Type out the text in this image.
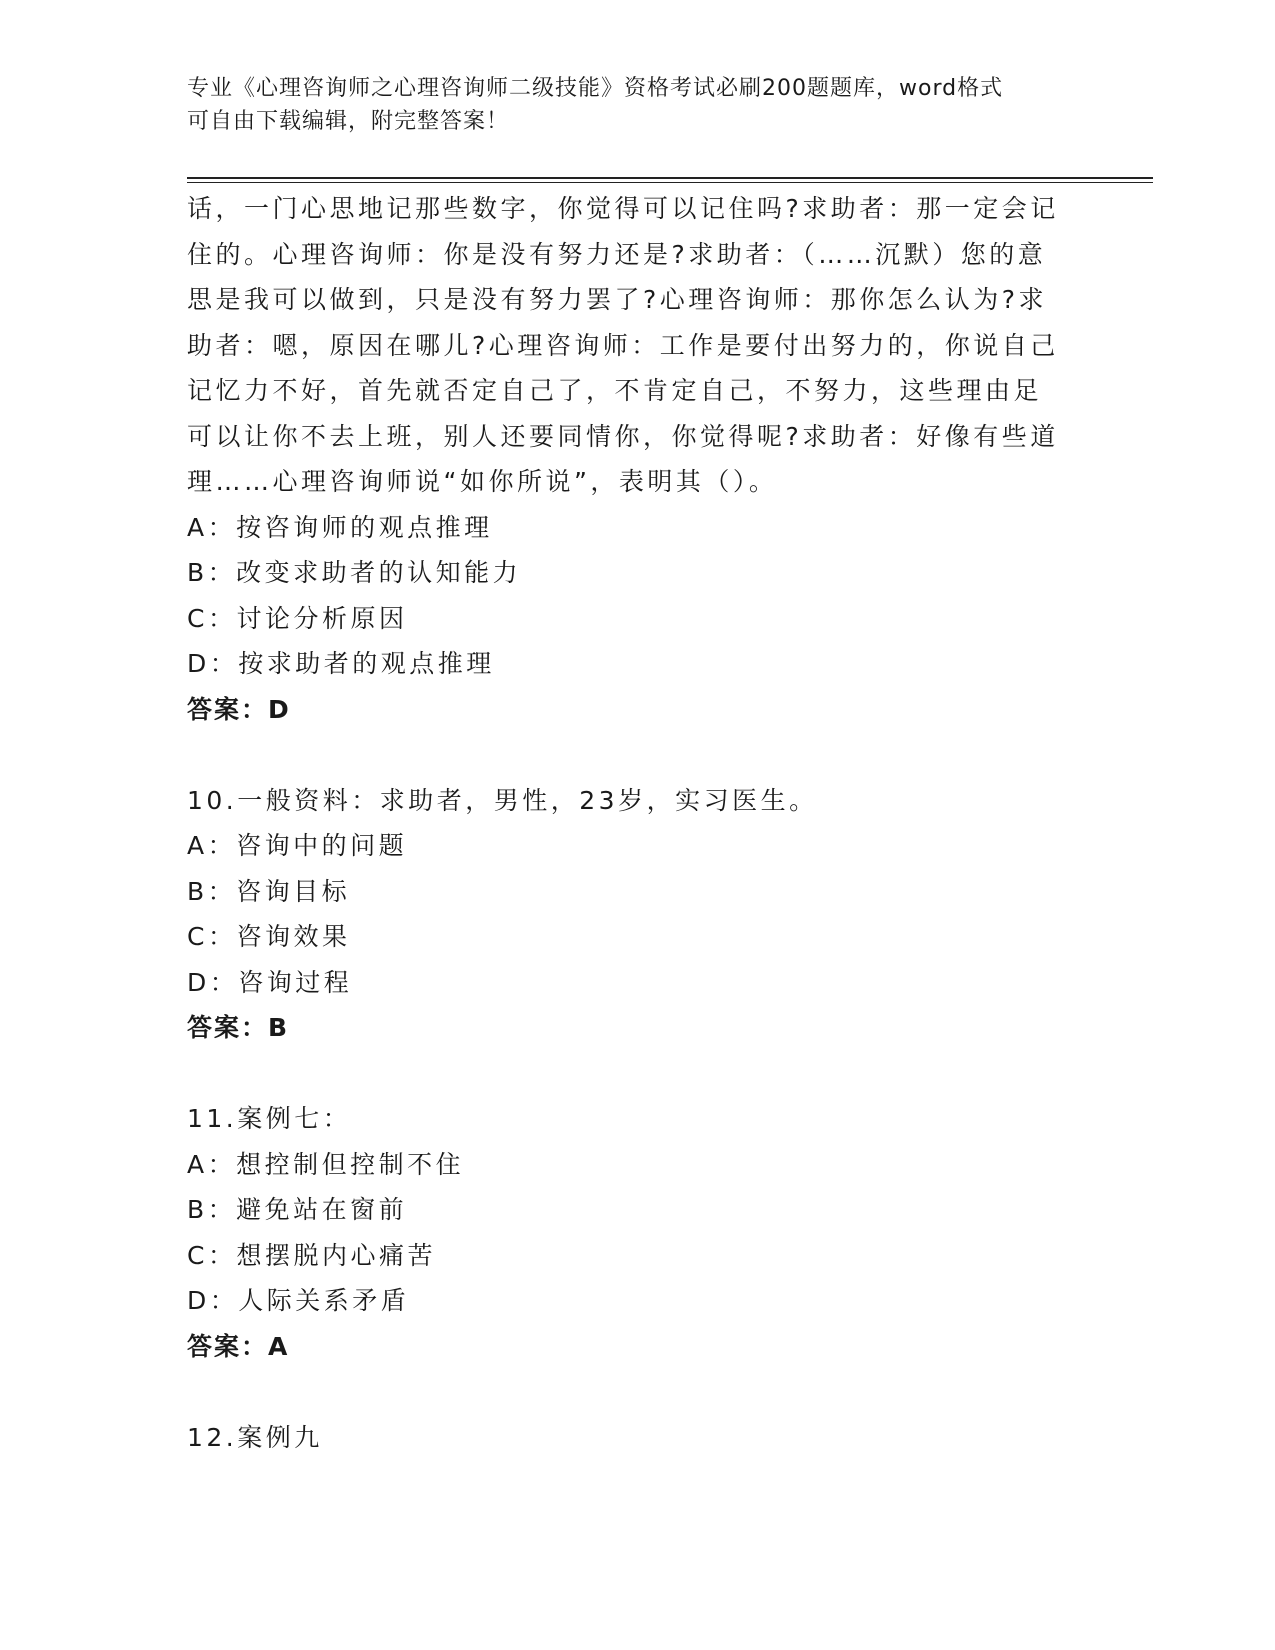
专业《心理咨询师之心理咨询师二级技能》资格考试必刷200题题库，word格式
可自由下载编辑，附完整答案！
话，一门心思地记那些数字，你觉得可以记住吗?求助者：那一定会记
住的。心理咨询师：你是没有努力还是?求助者：（……沉默）您的意
思是我可以做到，只是没有努力罢了?心理咨询师：那你怎么认为?求
助者：嗯，原因在哪儿?心理咨询师：工作是要付出努力的，你说自己
记忆力不好，首先就否定自己了，不肯定自己，不努力，这些理由足
可以让你不去上班，别人还要同情你，你觉得呢?求助者：好像有些道
理……心理咨询师说“如你所说”，表明其（）。
A：按咨询师的观点推理
B：改变求助者的认知能力
C：讨论分析原因
D：按求助者的观点推理
答案：D
10.一般资料：求助者，男性，23岁，实习医生。
A：咨询中的问题
B：咨询目标
C：咨询效果
D：咨询过程
答案：B
11.案例七：
A：想控制但控制不住
B：避免站在窗前
C：想摆脱内心痛苦
D：人际关系矛盾
答案：A
12.案例九
